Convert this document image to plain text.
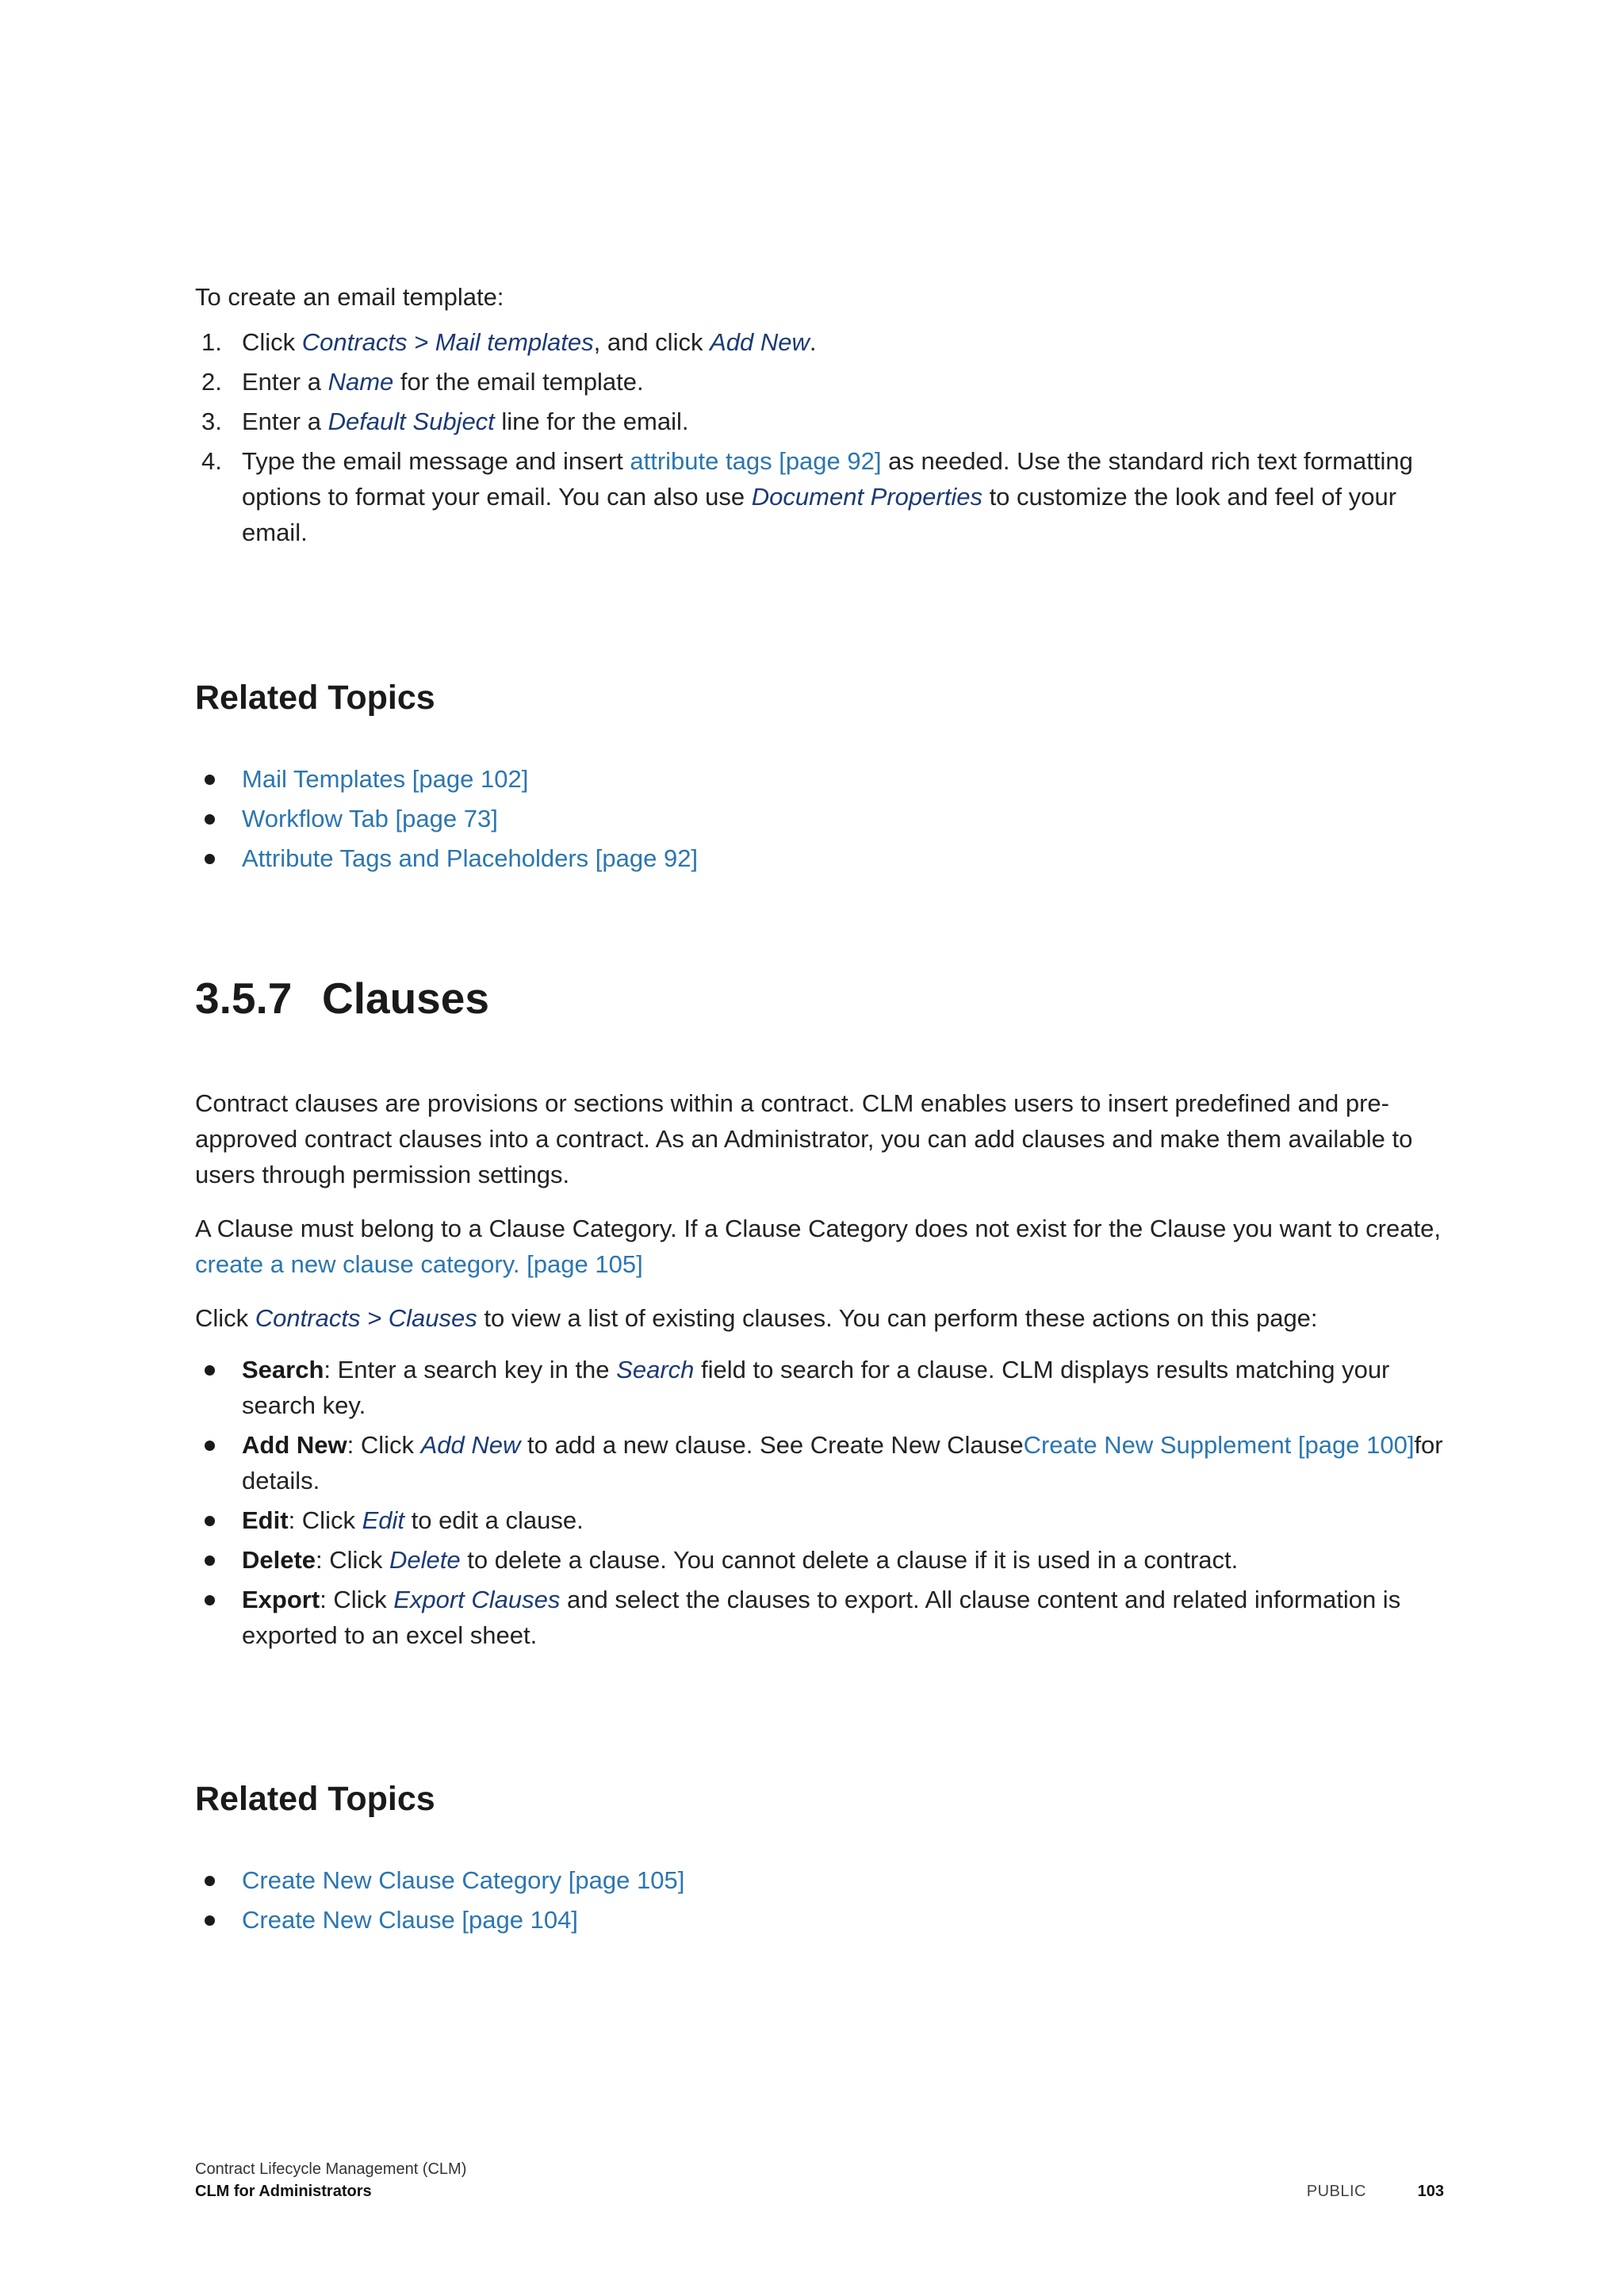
To create an email template:

1. Click Contracts > Mail templates, and click Add New.
2. Enter a Name for the email template.
3. Enter a Default Subject line for the email.
4. Type the email message and insert attribute tags [page 92] as needed. Use the standard rich text formatting options to format your email. You can also use Document Properties to customize the look and feel of your email.
Related Topics
Mail Templates [page 102]
Workflow Tab [page 73]
Attribute Tags and Placeholders [page 92]
3.5.7 Clauses

Contract clauses are provisions or sections within a contract. CLM enables users to insert predefined and pre-approved contract clauses into a contract. As an Administrator, you can add clauses and make them available to users through permission settings.

A Clause must belong to a Clause Category. If a Clause Category does not exist for the Clause you want to create, create a new clause category. [page 105]

Click Contracts > Clauses to view a list of existing clauses. You can perform these actions on this page:

Search: Enter a search key in the Search field to search for a clause. CLM displays results matching your search key.
Add New: Click Add New to add a new clause. See Create New ClauseCreate New Supplement [page 100]for details.
Edit: Click Edit to edit a clause.
Delete: Click Delete to delete a clause. You cannot delete a clause if it is used in a contract.
Export: Click Export Clauses and select the clauses to export. All clause content and related information is exported to an excel sheet.
Related Topics
Create New Clause Category [page 105]
Create New Clause [page 104]
Contract Lifecycle Management (CLM)
CLM for Administrators	PUBLIC	103
